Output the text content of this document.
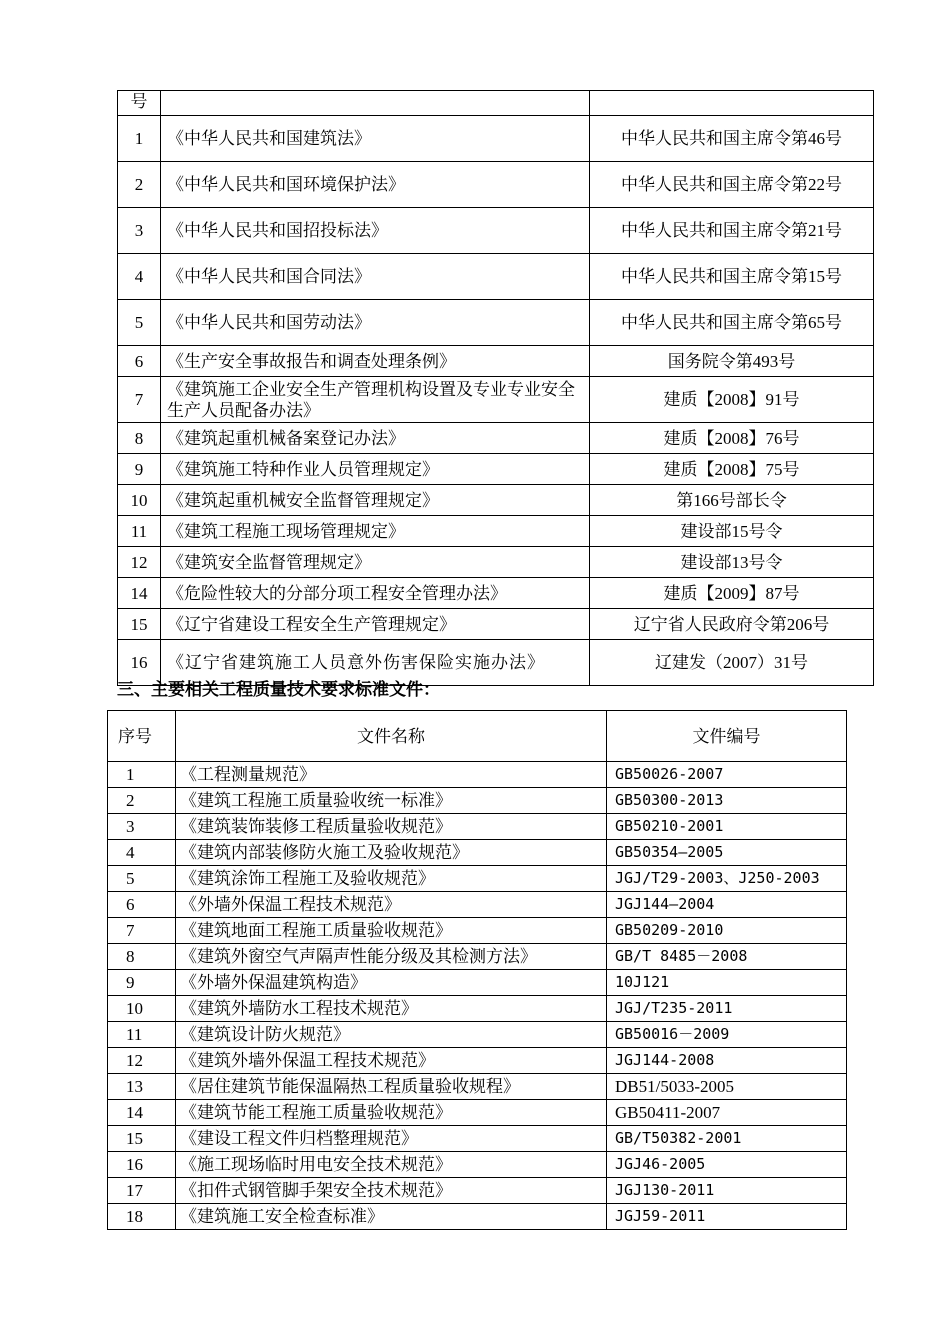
号		
1	《中华人民共和国建筑法》	中华人民共和国主席令第46号
2	《中华人民共和国环境保护法》	中华人民共和国主席令第22号
3	《中华人民共和国招投标法》	中华人民共和国主席令第21号
4	《中华人民共和国合同法》	中华人民共和国主席令第15号
5	《中华人民共和国劳动法》	中华人民共和国主席令第65号
6	《生产安全事故报告和调查处理条例》	国务院令第493号
7	《建筑施工企业安全生产管理机构设置及专业专业安全生产人员配备办法》	建质【2008】91号
8	《建筑起重机械备案登记办法》	建质【2008】76号
9	《建筑施工特种作业人员管理规定》	建质【2008】75号
10	《建筑起重机械安全监督管理规定》	第166号部长令
11	《建筑工程施工现场管理规定》	建设部15号令
12	《建筑安全监督管理规定》	建设部13号令
14	《危险性较大的分部分项工程安全管理办法》	建质【2009】87号
15	《辽宁省建设工程安全生产管理规定》	辽宁省人民政府令第206号
16	《辽宁省建筑施工人员意外伤害保险实施办法》	辽建发（2007）31号
三、主要相关工程质量技术要求标准文件：
序号	文件名称	文件编号
1	《工程测量规范》	GB50026-2007
2	《建筑工程施工质量验收统一标准》	GB50300-2013
3	《建筑装饰装修工程质量验收规范》	GB50210-2001
4	《建筑内部装修防火施工及验收规范》	GB50354—2005
5	《建筑涂饰工程施工及验收规范》	JGJ/T29-2003、J250-2003
6	《外墙外保温工程技术规范》	JGJ144—2004
7	《建筑地面工程施工质量验收规范》	GB50209-2010
8	《建筑外窗空气声隔声性能分级及其检测方法》	GB/T 8485－2008
9	《外墙外保温建筑构造》	10J121
10	《建筑外墙防水工程技术规范》	JGJ/T235-2011
11	《建筑设计防火规范》	GB50016－2009
12	《建筑外墙外保温工程技术规范》	JGJ144-2008
13	《居住建筑节能保温隔热工程质量验收规程》	DB51/5033-2005
14	《建筑节能工程施工质量验收规范》	GB50411-2007
15	《建设工程文件归档整理规范》	GB/T50382-2001
16	《施工现场临时用电安全技术规范》	JGJ46-2005
17	《扣件式钢管脚手架安全技术规范》	JGJ130-2011
18	《建筑施工安全检查标准》	JGJ59-2011
